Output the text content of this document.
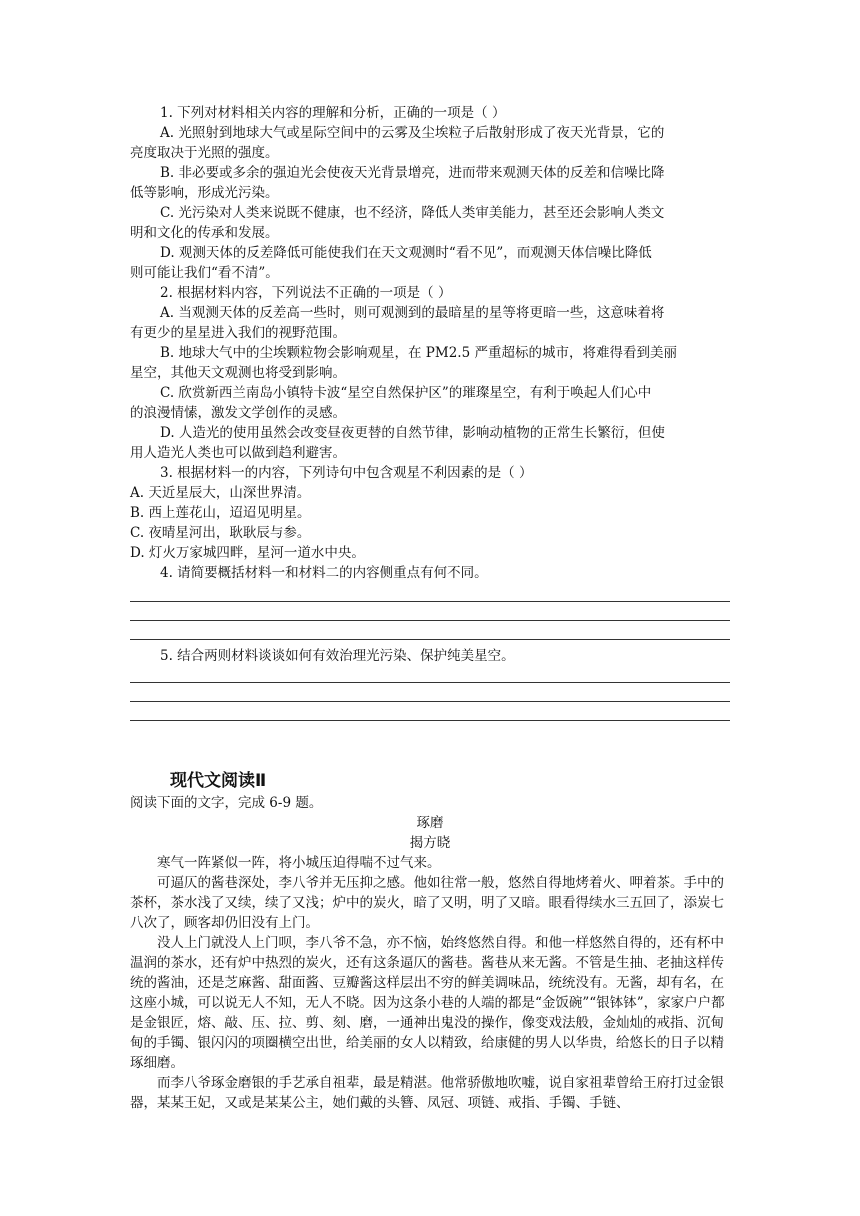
1. 下列对材料相关内容的理解和分析，正确的一项是（ ）
A. 光照射到地球大气或星际空间中的云雾及尘埃粒子后散射形成了夜天光背景，它的
亮度取决于光照的强度。
B. 非必要或多余的强迫光会使夜天光背景增亮，进而带来观测天体的反差和信噪比降
低等影响，形成光污染。
C. 光污染对人类来说既不健康，也不经济，降低人类审美能力，甚至还会影响人类文
明和文化的传承和发展。
D. 观测天体的反差降低可能使我们在天文观测时“看不见”，而观测天体信噪比降低
则可能让我们“看不清”。
2. 根据材料内容，下列说法不正确的一项是（ ）
A. 当观测天体的反差高一些时，则可观测到的最暗星的星等将更暗一些，这意味着将
有更少的星星进入我们的视野范围。
B. 地球大气中的尘埃颗粒物会影响观星，在 PM2.5 严重超标的城市，将难得看到美丽
星空，其他天文观测也将受到影响。
C. 欣赏新西兰南岛小镇特卡波“星空自然保护区”的璀璨星空，有利于唤起人们心中
的浪漫情愫，激发文学创作的灵感。
D. 人造光的使用虽然会改变昼夜更替的自然节律，影响动植物的正常生长繁衍，但使
用人造光人类也可以做到趋利避害。
3. 根据材料一的内容，下列诗句中包含观星不利因素的是（ ）
A. 天近星辰大，山深世界清。
B. 西上莲花山，迢迢见明星。
C. 夜晴星河出，耿耿辰与参。
D. 灯火万家城四畔，星河一道水中央。
4. 请简要概括材料一和材料二的内容侧重点有何不同。
5. 结合两则材料谈谈如何有效治理光污染、保护纯美星空。
现代文阅读Ⅱ
阅读下面的文字，完成 6-9 题。
琢磨
揭方晓
寒气一阵紧似一阵，将小城压迫得喘不过气来。
可逼仄的酱巷深处，李八爷并无压抑之感。他如往常一般，悠然自得地烤着火、呷着茶。手中的茶杯，茶水浅了又续，续了又浅；炉中的炭火，暗了又明，明了又暗。眼看得续水三五回了，添炭七八次了，顾客却仍旧没有上门。
没人上门就没人上门呗，李八爷不急，亦不恼，始终悠然自得。和他一样悠然自得的，还有杯中温润的茶水，还有炉中热烈的炭火，还有这条逼仄的酱巷。酱巷从来无酱。不管是生抽、老抽这样传统的酱油，还是芝麻酱、甜面酱、豆瓣酱这样层出不穷的鲜美调味品，统统没有。无酱，却有名，在这座小城，可以说无人不知，无人不晓。因为这条小巷的人端的都是“金饭碗”“银钵钵”，家家户户都是金银匠，熔、敲、压、拉、剪、刻、磨，一通神出鬼没的操作，像变戏法般，金灿灿的戒指、沉甸甸的手镯、银闪闪的项圈横空出世，给美丽的女人以精致，给康健的男人以华贵，给悠长的日子以精琢细磨。
而李八爷琢金磨银的手艺承自祖辈，最是精湛。他常骄傲地吹嘘，说自家祖辈曾给王府打过金银器，某某王妃，又或是某某公主，她们戴的头簪、凤冠、项链、戒指、手镯、手链、
